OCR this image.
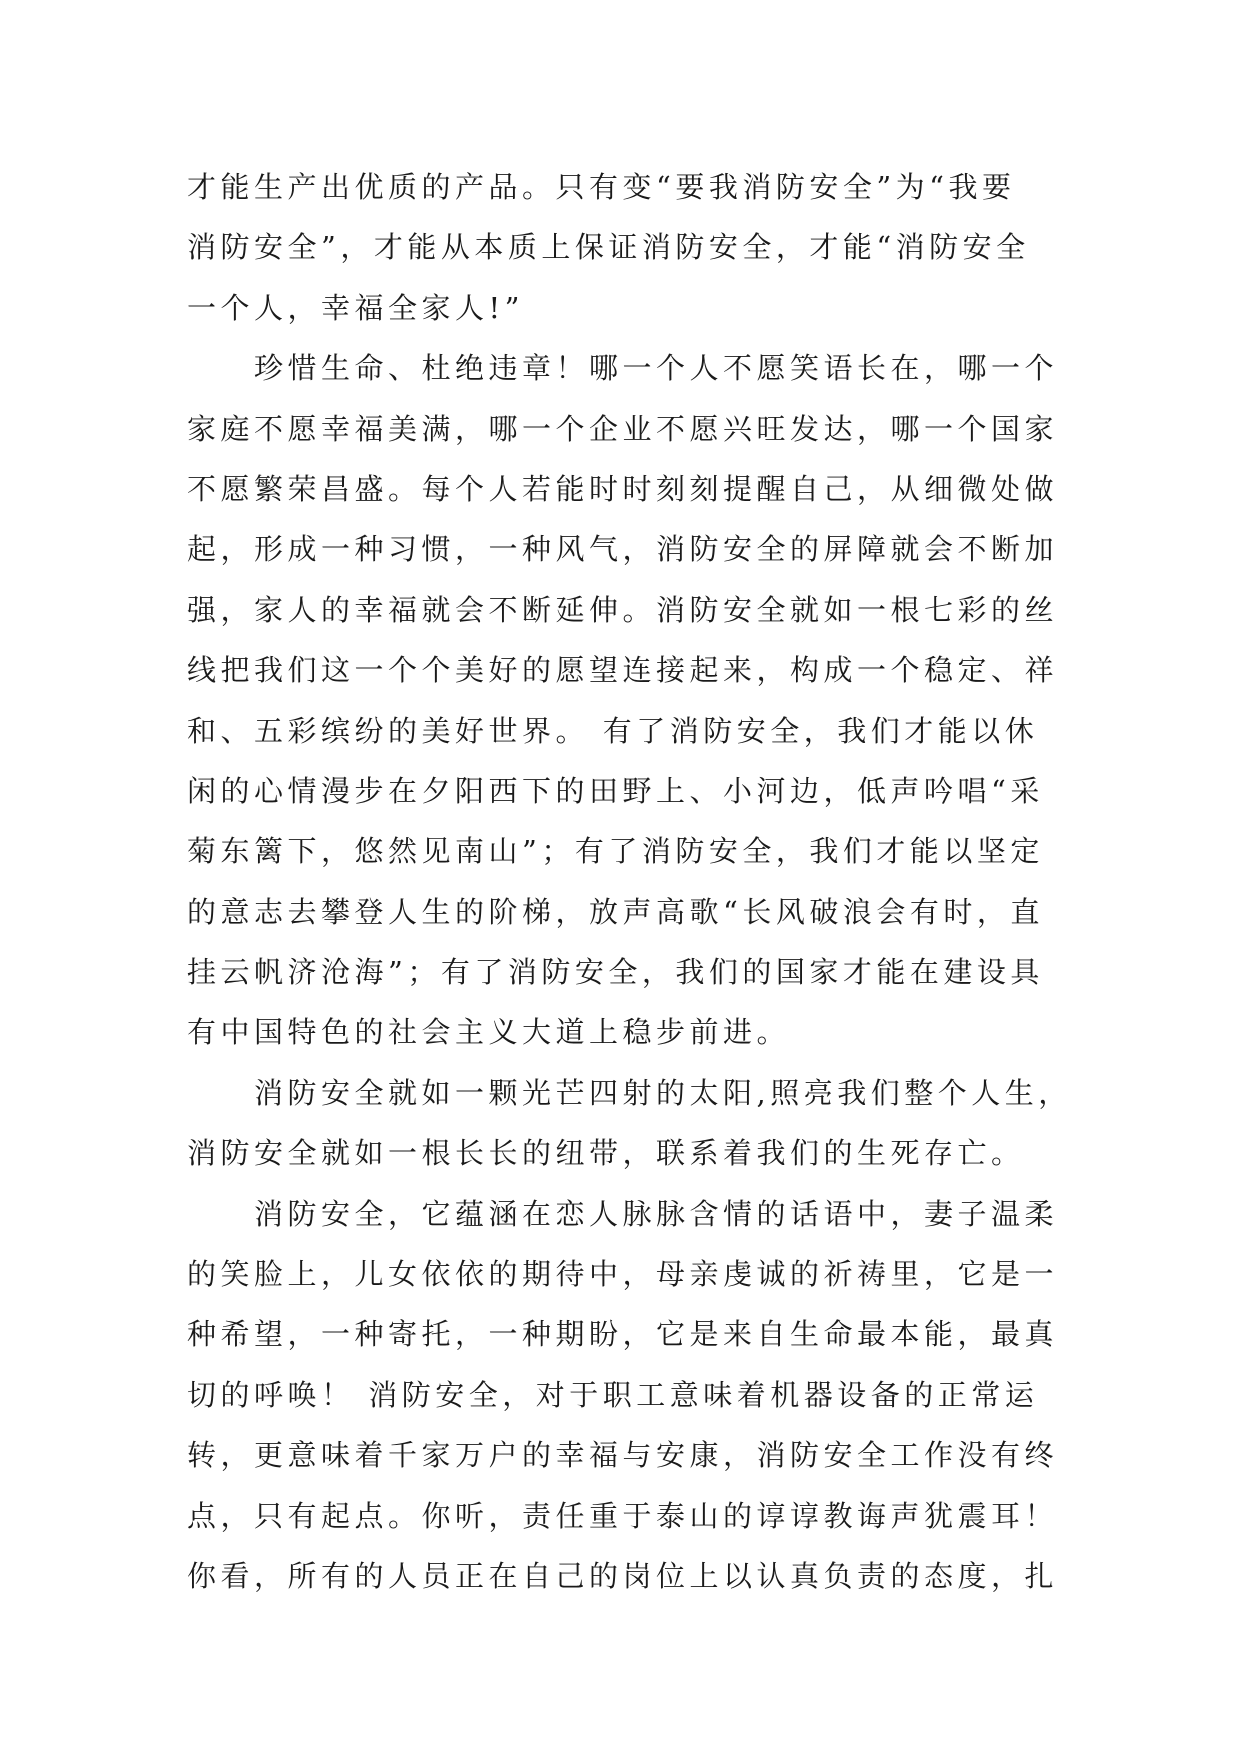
才能生产出优质的产品。只有变“要我消防安全”为“我要
消防安全”，才能从本质上保证消防安全，才能“消防安全
一个人，幸福全家人!”
　　珍惜生命、杜绝违章！哪一个人不愿笑语长在，哪一个
家庭不愿幸福美满，哪一个企业不愿兴旺发达，哪一个国家
不愿繁荣昌盛。每个人若能时时刻刻提醒自己，从细微处做
起，形成一种习惯，一种风气，消防安全的屏障就会不断加
强，家人的幸福就会不断延伸。消防安全就如一根七彩的丝
线把我们这一个个美好的愿望连接起来，构成一个稳定、祥
和、五彩缤纷的美好世界。 有了消防安全，我们才能以休
闲的心情漫步在夕阳西下的田野上、小河边，低声吟唱“采
菊东篱下，悠然见南山”；有了消防安全，我们才能以坚定
的意志去攀登人生的阶梯，放声高歌“长风破浪会有时，直
挂云帆济沧海”；有了消防安全，我们的国家才能在建设具
有中国特色的社会主义大道上稳步前进。
　　消防安全就如一颗光芒四射的太阳,照亮我们整个人生，
消防安全就如一根长长的纽带，联系着我们的生死存亡。
　　消防安全，它蕴涵在恋人脉脉含情的话语中，妻子温柔
的笑脸上，儿女依依的期待中，母亲虔诚的祈祷里，它是一
种希望，一种寄托，一种期盼，它是来自生命最本能，最真
切的呼唤！ 消防安全，对于职工意味着机器设备的正常运
转，更意味着千家万户的幸福与安康，消防安全工作没有终
点，只有起点。你听，责任重于泰山的谆谆教诲声犹震耳！
你看，所有的人员正在自己的岗位上以认真负责的态度，扎
